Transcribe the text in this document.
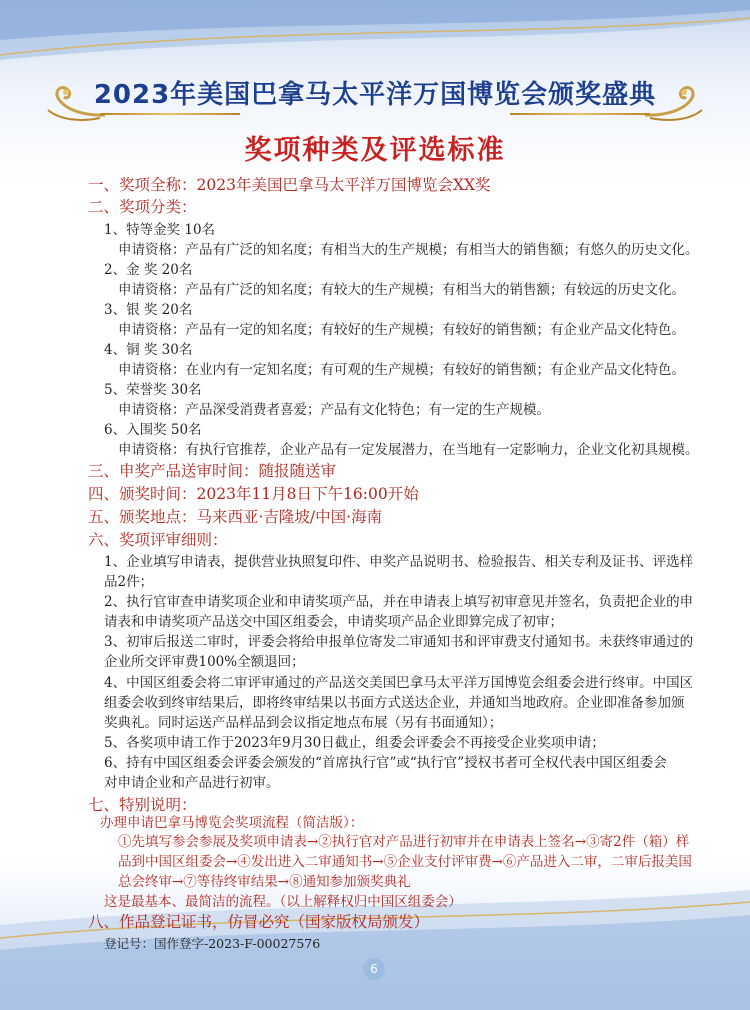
2023年美国巴拿马太平洋万国博览会颁奖盛典
奖项种类及评选标准
一、奖项全称：2023年美国巴拿马太平洋万国博览会XX奖
二、奖项分类：
1、特等金奖 10名
申请资格：产品有广泛的知名度；有相当大的生产规模；有相当大的销售额；有悠久的历史文化。
2、金 奖 20名
申请资格：产品有广泛的知名度；有较大的生产规模；有相当大的销售额；有较远的历史文化。
3、银 奖 20名
申请资格：产品有一定的知名度；有较好的生产规模；有较好的销售额；有企业产品文化特色。
4、铜 奖 30名
申请资格：在业内有一定知名度；有可观的生产规模；有较好的销售额；有企业产品文化特色。
5、荣誉奖 30名
申请资格：产品深受消费者喜爱；产品有文化特色；有一定的生产规模。
6、入围奖 50名
申请资格：有执行官推荐，企业产品有一定发展潜力，在当地有一定影响力，企业文化初具规模。
三、申奖产品送审时间：随报随送审
四、颁奖时间：2023年11月8日下午16:00开始
五、颁奖地点：马来西亚·吉隆坡/中国·海南
六、奖项评审细则：
1、企业填写申请表，提供营业执照复印件、申奖产品说明书、检验报告、相关专利及证书、评选样
品2件；
2、执行官审查申请奖项企业和申请奖项产品，并在申请表上填写初审意见并签名，负责把企业的申
请表和申请奖项产品送交中国区组委会，申请奖项产品企业即算完成了初审；
3、初审后报送二审时，评委会将给申报单位寄发二审通知书和评审费支付通知书。未获终审通过的
企业所交评审费100%全额退回；
4、中国区组委会将二审评审通过的产品送交美国巴拿马太平洋万国博览会组委会进行终审。中国区
组委会收到终审结果后，即将终审结果以书面方式送达企业，并通知当地政府。企业即准备参加颁
奖典礼。同时运送产品样品到会议指定地点布展（另有书面通知）；
5、各奖项申请工作于2023年9月30日截止，组委会评委会不再接受企业奖项申请；
6、持有中国区组委会评委会颁发的“首席执行官”或“执行官”授权书者可全权代表中国区组委会
对申请企业和产品进行初审。
七、特别说明：
办理申请巴拿马博览会奖项流程（简洁版）：
①先填写参会参展及奖项申请表→②执行官对产品进行初审并在申请表上签名→③寄2件（箱）样
品到中国区组委会→④发出进入二审通知书→⑤企业支付评审费→⑥产品进入二审，二审后报美国
总会终审→⑦等待终审结果→⑧通知参加颁奖典礼
这是最基本、最简洁的流程。（以上解释权归中国区组委会）
八、作品登记证书，仿冒必究（国家版权局颁发）
登记号：国作登字-2023-F-00027576
6
